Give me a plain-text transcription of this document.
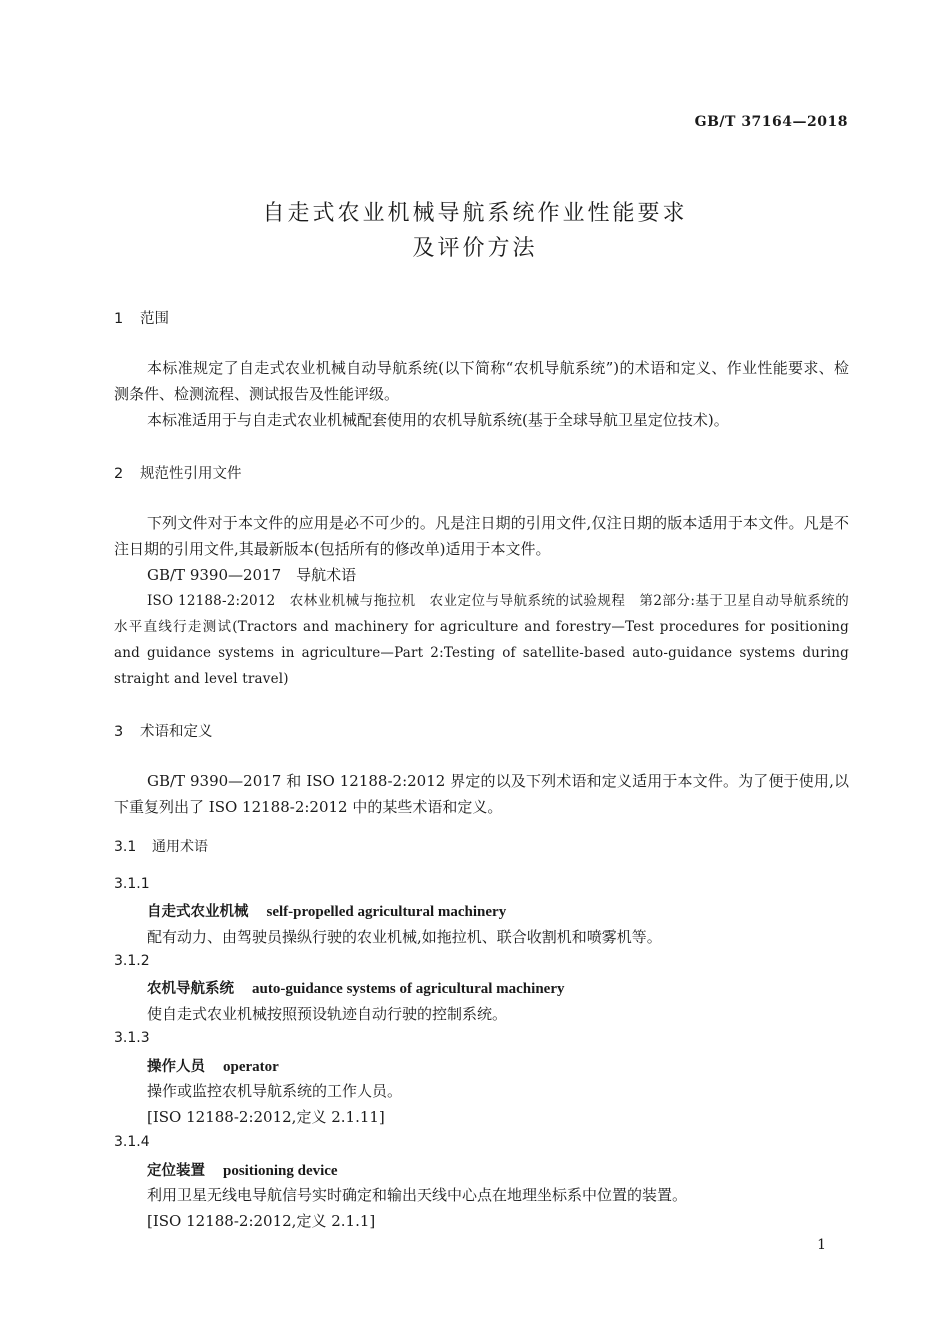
GB/T 37164—2018
自走式农业机械导航系统作业性能要求
及评价方法
1 范围
本标准规定了自走式农业机械自动导航系统(以下简称“农机导航系统”)的术语和定义、作业性能要求、检测条件、检测流程、测试报告及性能评级。
本标准适用于与自走式农业机械配套使用的农机导航系统(基于全球导航卫星定位技术)。
2 规范性引用文件
下列文件对于本文件的应用是必不可少的。凡是注日期的引用文件,仅注日期的版本适用于本文件。凡是不注日期的引用文件,其最新版本(包括所有的修改单)适用于本文件。
GB/T 9390—2017　导航术语
ISO 12188-2:2012　农林业机械与拖拉机　农业定位与导航系统的试验规程　第2部分:基于卫星自动导航系统的水平直线行走测试(Tractors and machinery for agriculture and forestry—Test procedures for positioning and guidance systems in agriculture—Part 2:Testing of satellite-based auto-guidance systems during straight and level travel)
3 术语和定义
GB/T 9390—2017 和 ISO 12188-2:2012 界定的以及下列术语和定义适用于本文件。为了便于使用,以下重复列出了 ISO 12188-2:2012 中的某些术语和定义。
3.1 通用术语
3.1.1
自走式农业机械 self-propelled agricultural machinery
配有动力、由驾驶员操纵行驶的农业机械,如拖拉机、联合收割机和喷雾机等。
3.1.2
农机导航系统 auto-guidance systems of agricultural machinery
使自走式农业机械按照预设轨迹自动行驶的控制系统。
3.1.3
操作人员 operator
操作或监控农机导航系统的工作人员。
[ISO 12188-2:2012,定义 2.1.11]
3.1.4
定位装置 positioning device
利用卫星无线电导航信号实时确定和输出天线中心点在地理坐标系中位置的装置。
[ISO 12188-2:2012,定义 2.1.1]
1
